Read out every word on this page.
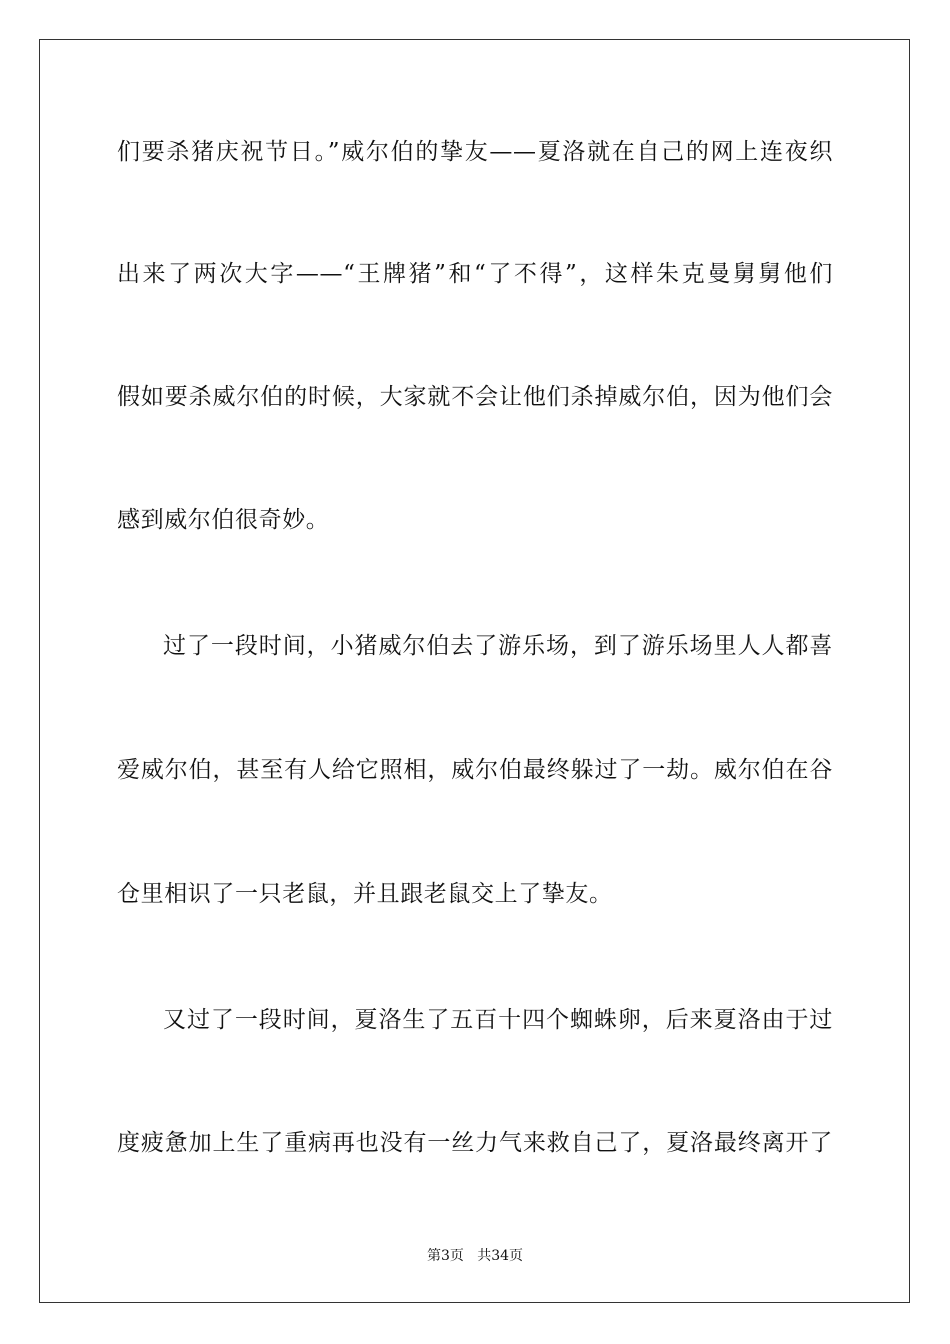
们要杀猪庆祝节日。”威尔伯的挚友——夏洛就在自己的网上连夜织
出来了两次大字——“王牌猪”和“了不得”，这样朱克曼舅舅他们
假如要杀威尔伯的时候，大家就不会让他们杀掉威尔伯，因为他们会
感到威尔伯很奇妙。
过了一段时间，小猪威尔伯去了游乐场，到了游乐场里人人都喜
爱威尔伯，甚至有人给它照相，威尔伯最终躲过了一劫。威尔伯在谷
仓里相识了一只老鼠，并且跟老鼠交上了挚友。
又过了一段时间，夏洛生了五百十四个蜘蛛卵，后来夏洛由于过
度疲惫加上生了重病再也没有一丝力气来救自己了，夏洛最终离开了
第3页   共34页
